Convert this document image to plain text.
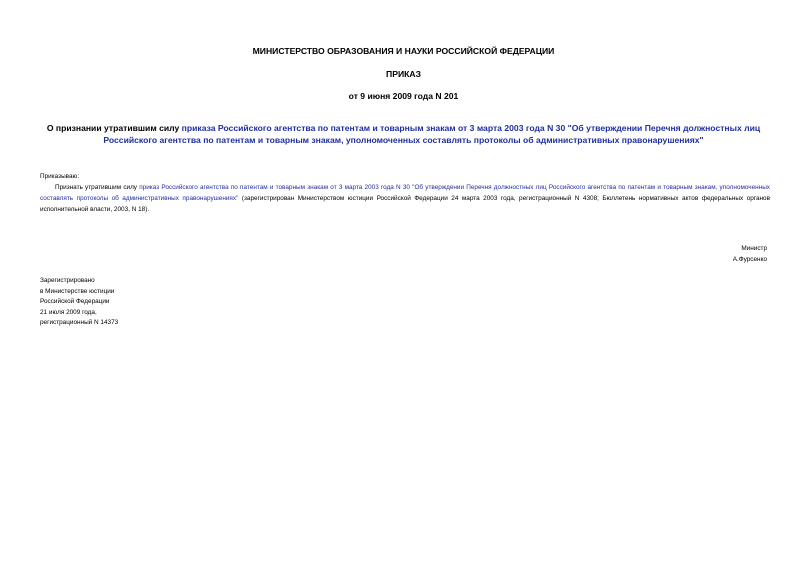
МИНИСТЕРСТВО ОБРАЗОВАНИЯ И НАУКИ РОССИЙСКОЙ ФЕДЕРАЦИИ
ПРИКАЗ
от 9 июня 2009 года N 201
О признании утратившим силу приказа Российского агентства по патентам и товарным знакам от 3 марта 2003 года N 30 "Об утверждении Перечня должностных лиц Российского агентства по патентам и товарным знакам, уполномоченных составлять протоколы об административных правонарушениях"
Приказываю:
Признать утратившим силу приказ Российского агентства по патентам и товарным знакам от 3 марта 2003 года N 30 "Об утверждении Перечня должностных лиц Российского агентства по патентам и товарным знакам, уполномоченных составлять протоколы об административных правонарушениях" (зарегистрирован Министерством юстиции Российской Федерации 24 марта 2003 года, регистрационный N 4308; Бюллетень нормативных актов федеральных органов исполнительной власти, 2003, N 18).
Министр
А.Фурсенко
Зарегистрировано
в Министерстве юстиции
Российской Федерации
21 июля 2009 года,
регистрационный N 14373
